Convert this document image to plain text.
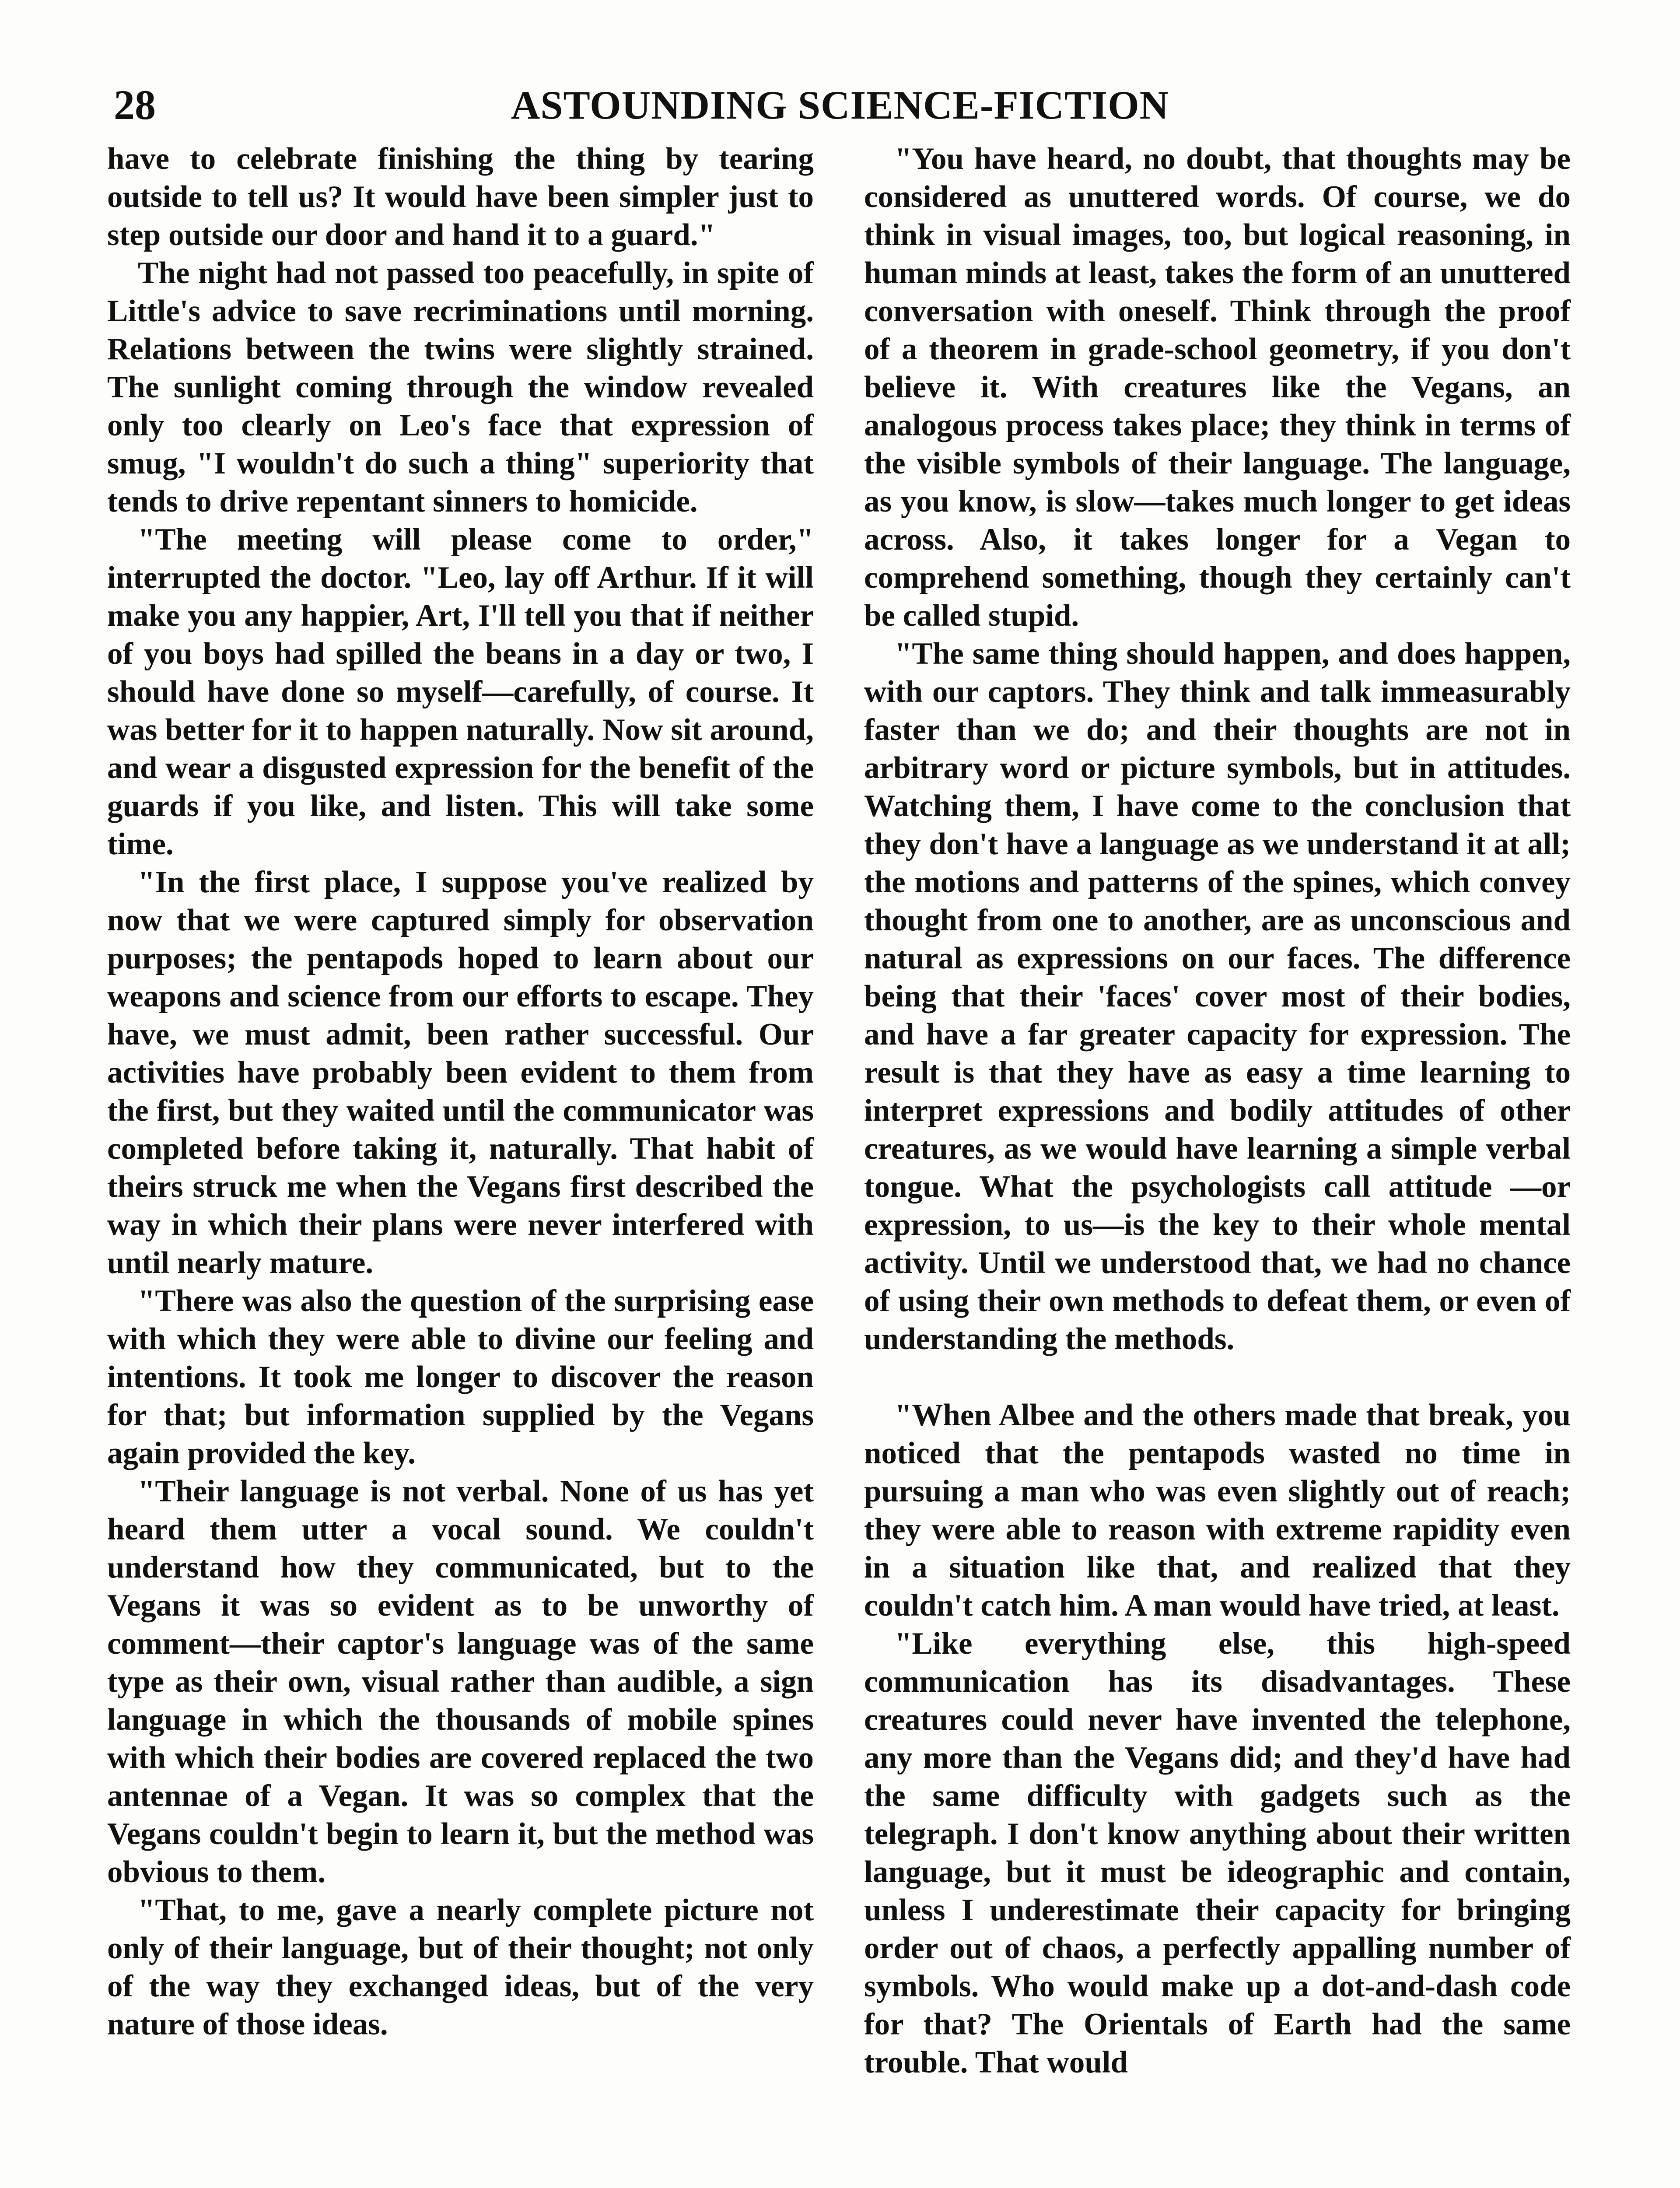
28	ASTOUNDING SCIENCE-FICTION

have to celebrate finishing the thing by tearing outside to tell us? It would have been simpler just to step outside our door and hand it to a guard."

The night had not passed too peacefully, in spite of Little's advice to save recriminations until morning. Relations between the twins were slightly strained. The sunlight coming through the window revealed only too clearly on Leo's face that expression of smug, "I wouldn't do such a thing" superiority that tends to drive repentant sinners to homicide.

"The meeting will please come to order," interrupted the doctor. "Leo, lay off Arthur. If it will make you any happier, Art, I'll tell you that if neither of you boys had spilled the beans in a day or two, I should have done so myself—carefully, of course. It was better for it to happen naturally. Now sit around, and wear a disgusted expression for the benefit of the guards if you like, and listen. This will take some time.

"In the first place, I suppose you've realized by now that we were captured simply for observation purposes; the pentapods hoped to learn about our weapons and science from our efforts to escape. They have, we must admit, been rather successful. Our activities have probably been evident to them from the first, but they waited until the communicator was completed before taking it, naturally. That habit of theirs struck me when the Vegans first described the way in which their plans were never interfered with until nearly mature.

"There was also the question of the surprising ease with which they were able to divine our feeling and intentions. It took me longer to discover the reason for that; but information supplied by the Vegans again provided the key.

"Their language is not verbal. None of us has yet heard them utter a vocal sound. We couldn't understand how they communicated, but to the Vegans it was so evident as to be unworthy of comment—their captor's language was of the same type as their own, visual rather than audible, a sign language in which the thousands of mobile spines with which their bodies are covered replaced the two antennae of a Vegan. It was so complex that the Vegans couldn't begin to learn it, but the method was obvious to them.

"That, to me, gave a nearly complete picture not only of their language, but of their thought; not only of the way they exchanged ideas, but of the very nature of those ideas.

"You have heard, no doubt, that thoughts may be considered as unuttered words. Of course, we do think in visual images, too, but logical reasoning, in human minds at least, takes the form of an unuttered conversation with oneself. Think through the proof of a theorem in grade-school geometry, if you don't believe it. With creatures like the Vegans, an analogous process takes place; they think in terms of the visible symbols of their language. The language, as you know, is slow—takes much longer to get ideas across. Also, it takes longer for a Vegan to comprehend something, though they certainly can't be called stupid.

"The same thing should happen, and does happen, with our captors. They think and talk immeasurably faster than we do; and their thoughts are not in arbitrary word or picture symbols, but in attitudes. Watching them, I have come to the conclusion that they don't have a language as we understand it at all; the motions and patterns of the spines, which convey thought from one to another, are as unconscious and natural as expressions on our faces. The difference being that their 'faces' cover most of their bodies, and have a far greater capacity for expression. The result is that they have as easy a time learning to interpret expressions and bodily attitudes of other creatures, as we would have learning a simple verbal tongue. What the psychologists call attitude —or expression, to us—is the key to their whole mental activity. Until we understood that, we had no chance of using their own methods to defeat them, or even of understanding the methods.

"When Albee and the others made that break, you noticed that the pentapods wasted no time in pursuing a man who was even slightly out of reach; they were able to reason with extreme rapidity even in a situation like that, and realized that they couldn't catch him. A man would have tried, at least.

"Like everything else, this high-speed communication has its disadvantages. These creatures could never have invented the telephone, any more than the Vegans did; and they'd have had the same difficulty with gadgets such as the telegraph. I don't know anything about their written language, but it must be ideographic and contain, unless I underestimate their capacity for bringing order out of chaos, a perfectly appalling number of symbols. Who would make up a dot-and-dash code for that? The Orientals of Earth had the same trouble. That would
